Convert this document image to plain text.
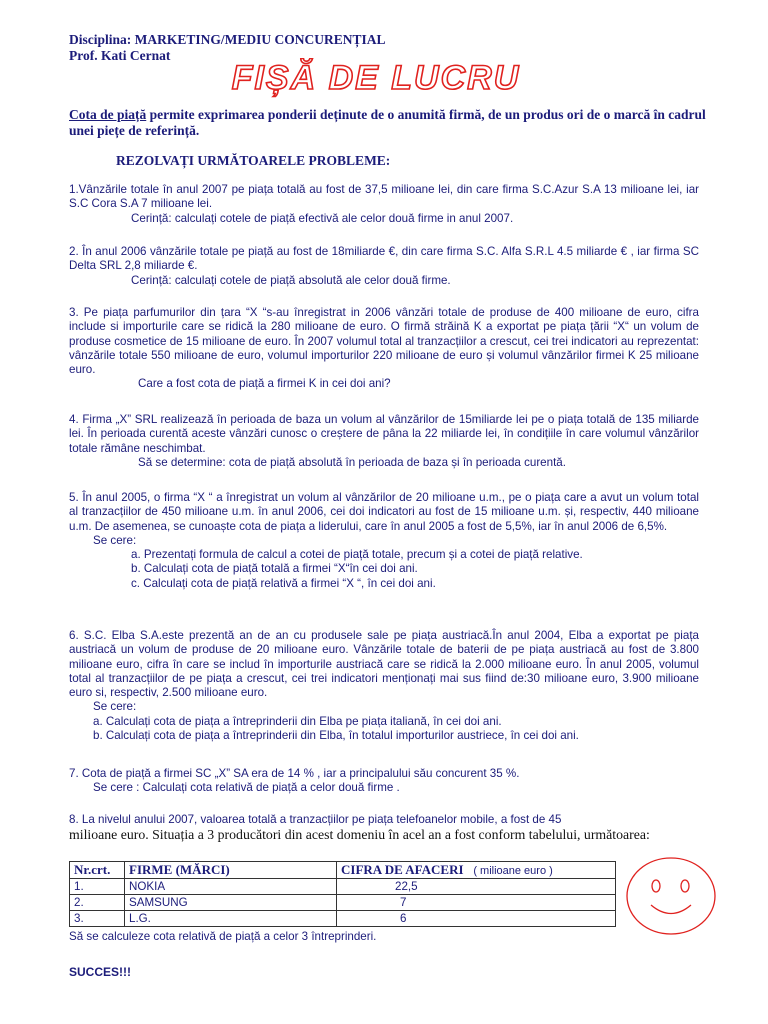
Disciplina: MARKETING/MEDIU CONCURENȚIAL
Prof. Kati Cernat
FIȘĂ DE LUCRU
Cota de piață permite exprimarea ponderii deținute de o anumită firmă, de un produs ori de o marcă în cadrul unei piețe de referință.
REZOLVAȚI URMĂTOARELE PROBLEME:

1.Vânzările totale în anul 2007 pe piața totală au fost de 37,5 milioane lei, din care firma S.C.Azur S.A 13 milioane lei, iar S.C Cora S.A 7 milioane lei.

Cerință: calculați cotele de piață efectivă ale celor două firme in anul 2007.

2. În anul 2006 vânzările totale pe piață au fost de 18miliarde €, din care firma S.C. Alfa S.R.L 4.5 miliarde € , iar firma SC Delta SRL 2,8 miliarde €.

Cerință: calculați cotele de piață absolută ale celor două firme.

3. Pe piața parfumurilor din țara “X “s-au înregistrat in 2006 vânzări totale de produse de 400 milioane de euro, cifra include si importurile care se ridică la 280 milioane de euro. O firmă străină K a exportat pe piața țării “X“ un volum de produse cosmetice de 15 milioane de euro. În 2007 volumul total al tranzacțiilor a crescut, cei trei indicatori au reprezentat: vânzările totale 550 milioane de euro, volumul importurilor 220 milioane de euro și volumul vânzărilor firmei K 25 milioane euro.

Care a fost cota de piață a firmei K in cei doi ani?

4. Firma „X” SRL realizează în perioada de baza un volum al vânzărilor de 15miliarde lei pe o piața totală de 135 miliarde lei. În perioada curentă aceste vânzări cunosc o creștere de pâna la 22 miliarde lei, în condițiile în care volumul vânzărilor totale rămâne neschimbat.

Să se determine: cota de piață absolută în perioada de baza și în perioada curentă.

5. În anul 2005, o firma “X “ a înregistrat un volum al vânzărilor de 20 milioane u.m., pe o piața care a avut un volum total al tranzacțiilor de 450 milioane u.m. în anul 2006, cei doi indicatori au fost de 15 milioane u.m. și, respectiv, 440 milioane u.m. De asemenea, se cunoaște cota de piața a liderului, care în anul 2005 a fost de 5,5%, iar în anul 2006 de 6,5%.

Se cere:

a. Prezentați formula de calcul a cotei de piață totale, precum și a cotei de piață relative.

b. Calculați cota de piață totală a firmei “X“în cei doi ani.

c. Calculați cota de piață relativă a firmei “X “, în cei doi ani.

6. S.C. Elba S.A.este prezentă an de an cu produsele sale pe piața austriacă.În anul 2004, Elba a exportat pe piața austriacă un volum de produse de 20 milioane euro. Vânzările totale de baterii de pe piața austriacă au fost de 3.800 milioane euro, cifra în care se includ în importurile austriacă care se ridică la 2.000 milioane euro. În anul 2005, volumul total al tranzacțiilor de pe piața a crescut, cei trei indicatori menționați mai sus fiind de:30 milioane euro, 3.900 milioane euro si, respectiv, 2.500 milioane euro.

Se cere:

a. Calculați cota de piața a întreprinderii din Elba pe piața italiană, în cei doi ani.

b. Calculați cota de piața a întreprinderii din Elba, în totalul importurilor austriece, în cei doi ani.

7. Cota de piață a firmei SC „X” SA era de 14 % , iar a principalului său concurent 35 %.

Se cere : Calculați cota relativă de piață a celor două firme .

8. La nivelul anului 2007, valoarea totală a tranzacțiilor pe piața telefoanelor mobile, a fost de 45

milioane euro. Situația a 3 producători din acest domeniu în acel an a fost conform tabelului, următoarea:

Nr.crt.	FIRME (MĂRCI)	CIFRA DE AFACERI ( milioane euro )
1.	NOKIA	22,5
2.	SAMSUNG	7
3.	L.G.	6

Să se calculeze cota relativă de piață a celor 3 întreprinderi.

SUCCES!!!
